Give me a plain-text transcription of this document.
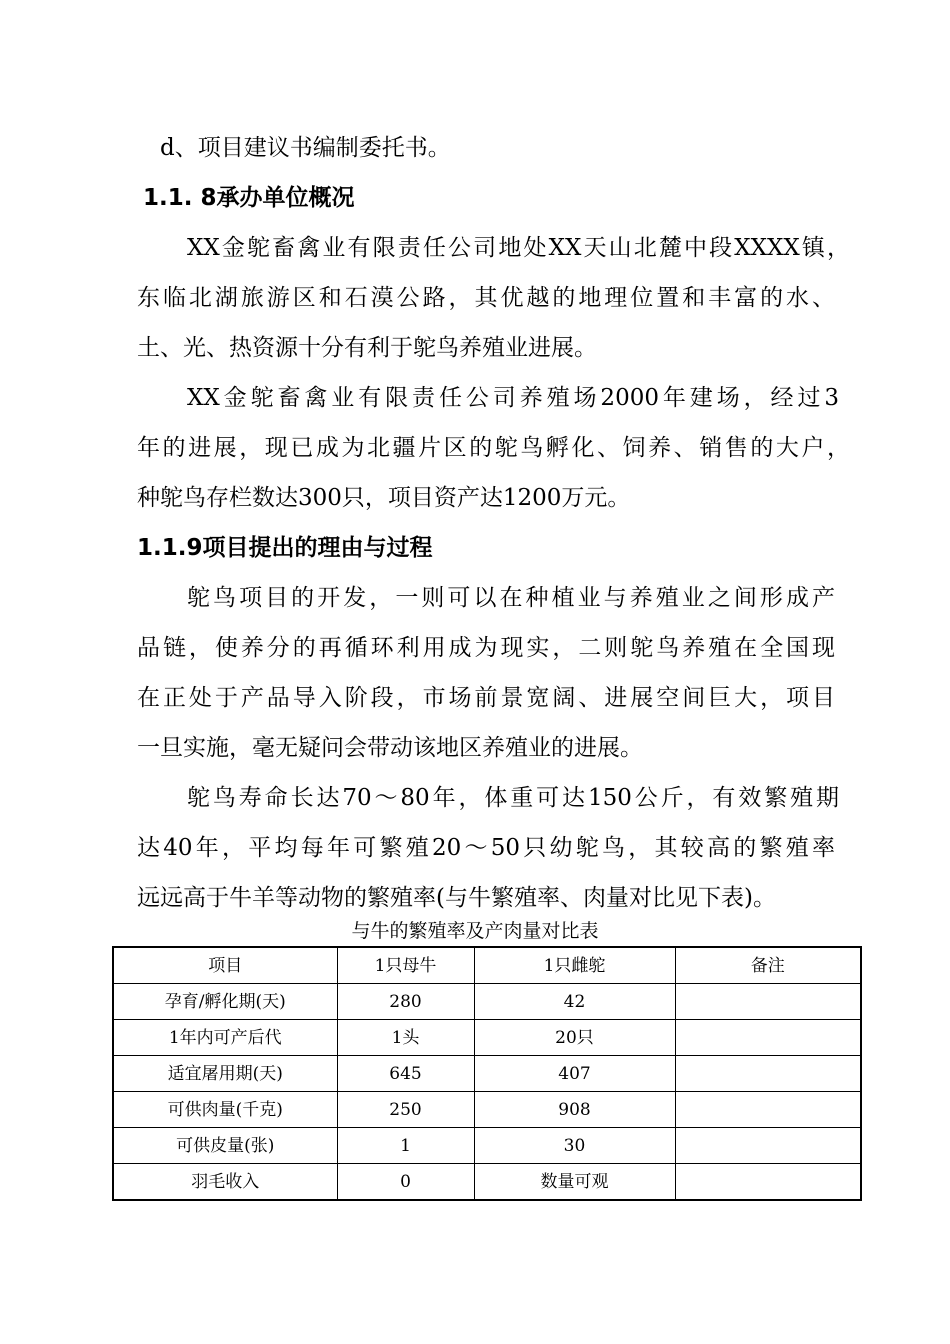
d、项目建议书编制委托书。
1.1. 8承办单位概况
XX金鸵畜禽业有限责任公司地处XX天山北麓中段XXXX镇，
东临北湖旅游区和石漠公路，其优越的地理位置和丰富的水、
土、光、热资源十分有利于鸵鸟养殖业进展。
XX金鸵畜禽业有限责任公司养殖场2000年建场，经过3
年的进展，现已成为北疆片区的鸵鸟孵化、饲养、销售的大户，
种鸵鸟存栏数达300只，项目资产达1200万元。
1.1.9项目提出的理由与过程
鸵鸟项目的开发，一则可以在种植业与养殖业之间形成产
品链，使养分的再循环利用成为现实，二则鸵鸟养殖在全国现
在正处于产品导入阶段，市场前景宽阔、进展空间巨大，项目
一旦实施，毫无疑问会带动该地区养殖业的进展。
鸵鸟寿命长达70～80年，体重可达150公斤，有效繁殖期
达40年，平均每年可繁殖20～50只幼鸵鸟，其较高的繁殖率
远远高于牛羊等动物的繁殖率(与牛繁殖率、肉量对比见下表)。
与牛的繁殖率及产肉量对比表
项目	1只母牛	1只雌鸵	备注
孕育/孵化期(天)	280	42	
1年内可产后代	1头	20只	
适宜屠用期(天)	645	407	
可供肉量(千克)	250	908	
可供皮量(张)	1	30	
羽毛收入	0	数量可观	
